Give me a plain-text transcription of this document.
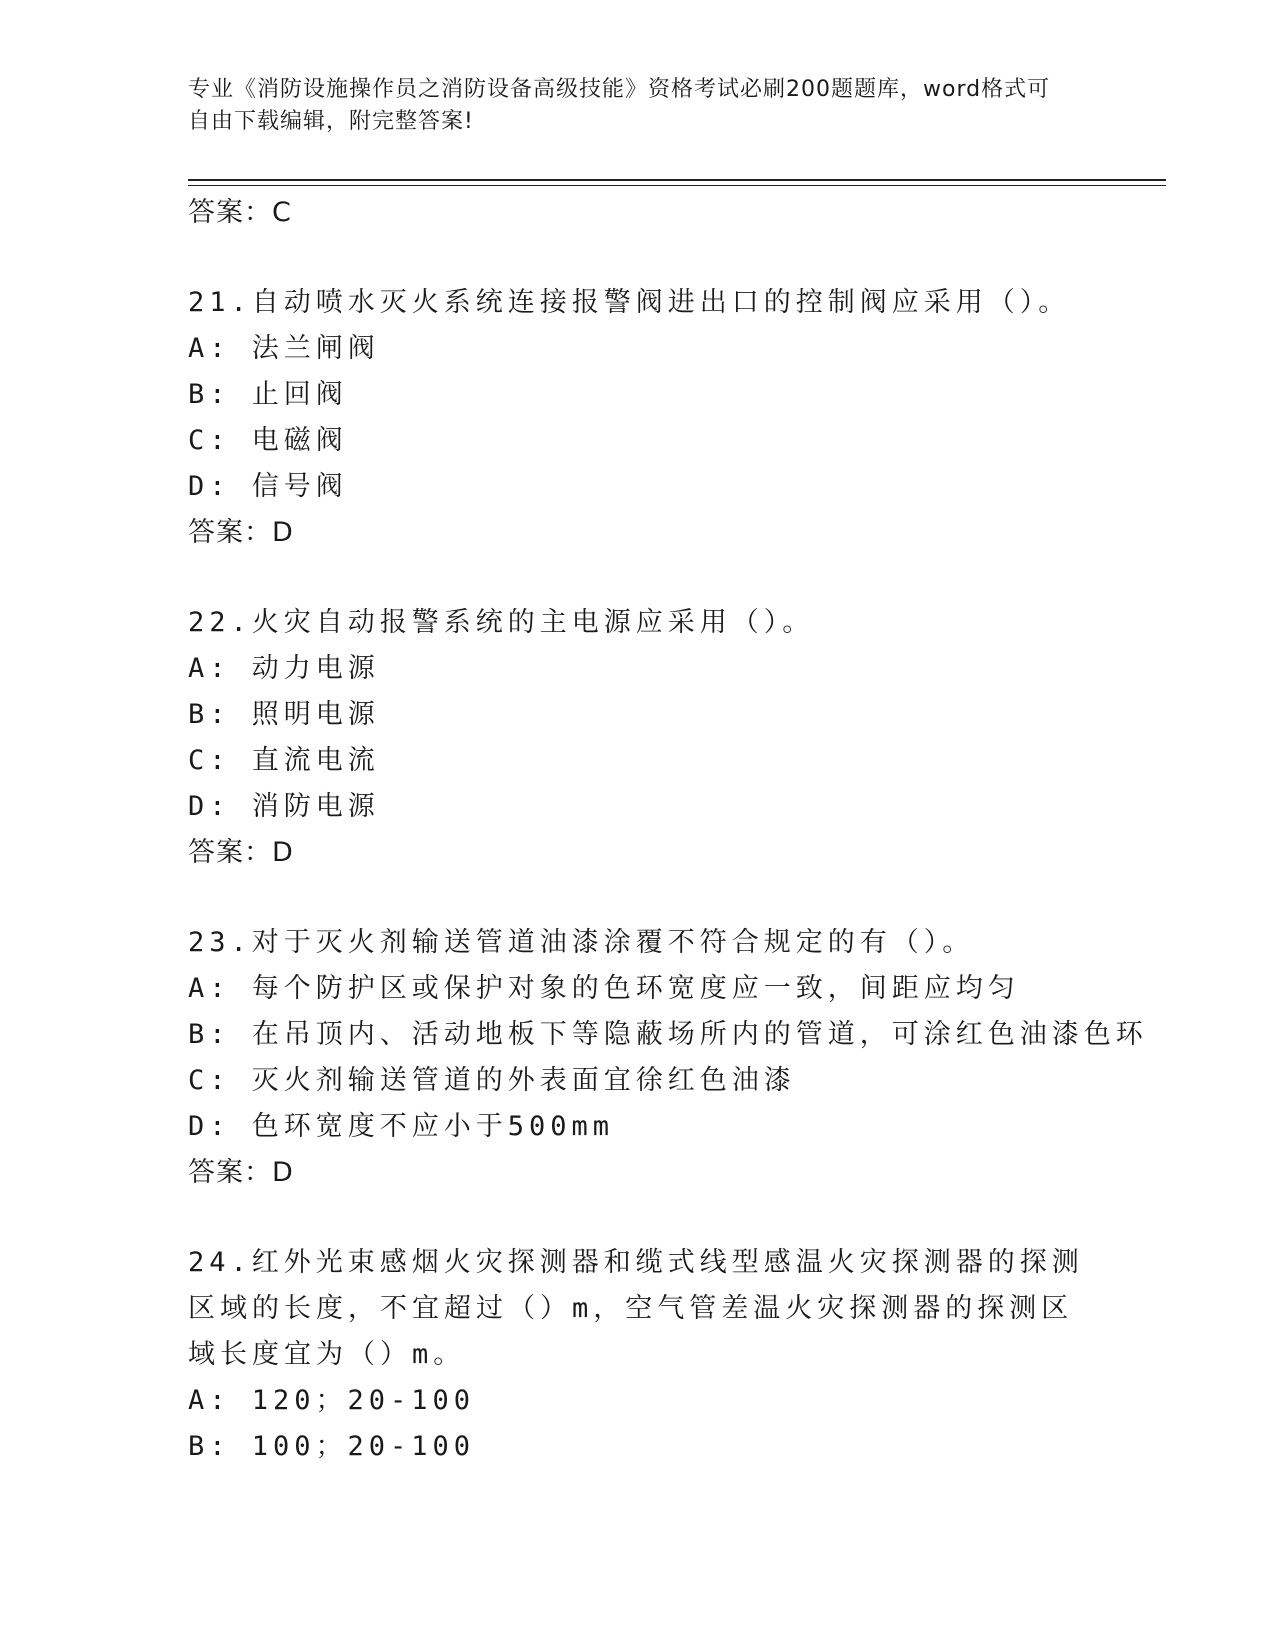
专业《消防设施操作员之消防设备高级技能》资格考试必刷200题题库，word格式可自由下载编辑，附完整答案!
答案：C
21.自动喷水灭火系统连接报警阀进出口的控制阀应采用（）。
A: 法兰闸阀
B: 止回阀
C: 电磁阀
D: 信号阀
答案：D
22.火灾自动报警系统的主电源应采用（）。
A: 动力电源
B: 照明电源
C: 直流电流
D: 消防电源
答案：D
23.对于灭火剂输送管道油漆涂覆不符合规定的有（）。
A: 每个防护区或保护对象的色环宽度应一致，间距应均匀
B: 在吊顶内、活动地板下等隐蔽场所内的管道，可涂红色油漆色环
C: 灭火剂输送管道的外表面宜徐红色油漆
D: 色环宽度不应小于500mm
答案：D
24.红外光束感烟火灾探测器和缆式线型感温火灾探测器的探测区域的长度，不宜超过（）m，空气管差温火灾探测器的探测区域长度宜为（）m。
A: 120；20-100
B: 100；20-100
